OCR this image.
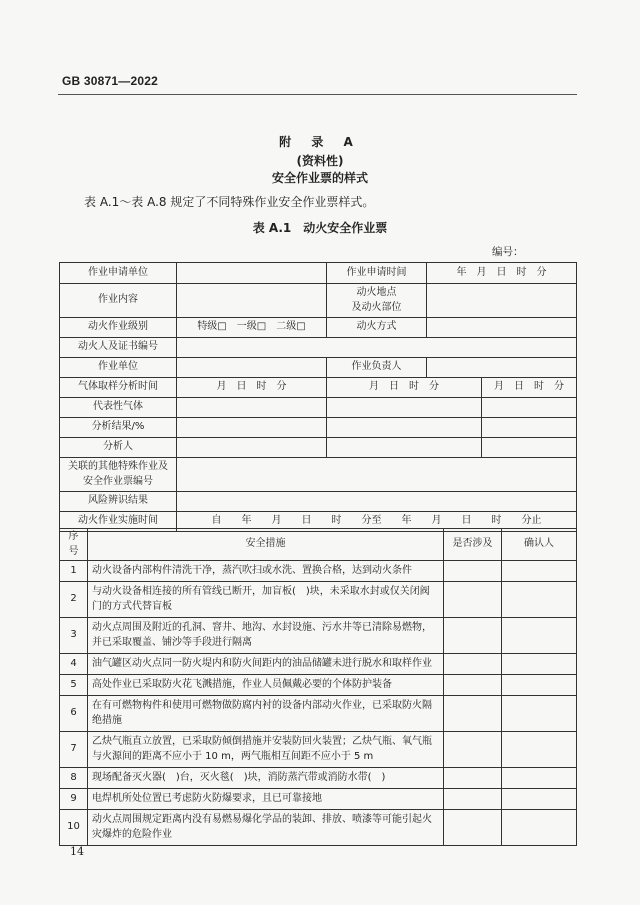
GB 30871—2022
附 录 A
(资料性)
安全作业票的样式
表 A.1～表 A.8 规定了不同特殊作业安全作业票样式。
表 A.1　动火安全作业票
编号：
作业申请单位		作业申请时间	年　月　日　时　分	
作业内容		动火地点
及动火部位		
动火作业级别	特级□　一级□　二级□	动火方式		
动火人及证书编号				
作业单位		作业负责人		
气体取样分析时间	月　日　时　分	月　日　时　分		月　日　时　分
代表性气体				
分析结果/%				
分析人				
关联的其他特殊作业及
安全作业票编号				
风险辨识结果				
动火作业实施时间	自　　年　　月　　日　　时　　分至　　年　　月　　日　　时　　分止			
序号	安全措施	是否涉及	确认人
1	动火设备内部构件清洗干净，蒸汽吹扫或水洗、置换合格，达到动火条件		
2	与动火设备相连接的所有管线已断开，加盲板(　)块，未采取水封或仅关闭阀门的方式代替盲板		
3	动火点周围及附近的孔洞、窨井、地沟、水封设施、污水井等已清除易燃物，并已采取覆盖、铺沙等手段进行隔离		
4	油气罐区动火点同一防火堤内和防火间距内的油品储罐未进行脱水和取样作业		
5	高处作业已采取防火花飞溅措施，作业人员佩戴必要的个体防护装备		
6	在有可燃物构件和使用可燃物做防腐内衬的设备内部动火作业，已采取防火隔绝措施		
7	乙炔气瓶直立放置，已采取防倾倒措施并安装防回火装置；乙炔气瓶、氧气瓶与火源间的距离不应小于 10 m，两气瓶相互间距不应小于 5 m		
8	现场配备灭火器(　)台，灭火毯(　)块，消防蒸汽带或消防水带(　)		
9	电焊机所处位置已考虑防火防爆要求，且已可靠接地		
10	动火点周围规定距离内没有易燃易爆化学品的装卸、排放、喷漆等可能引起火灾爆炸的危险作业		
14
